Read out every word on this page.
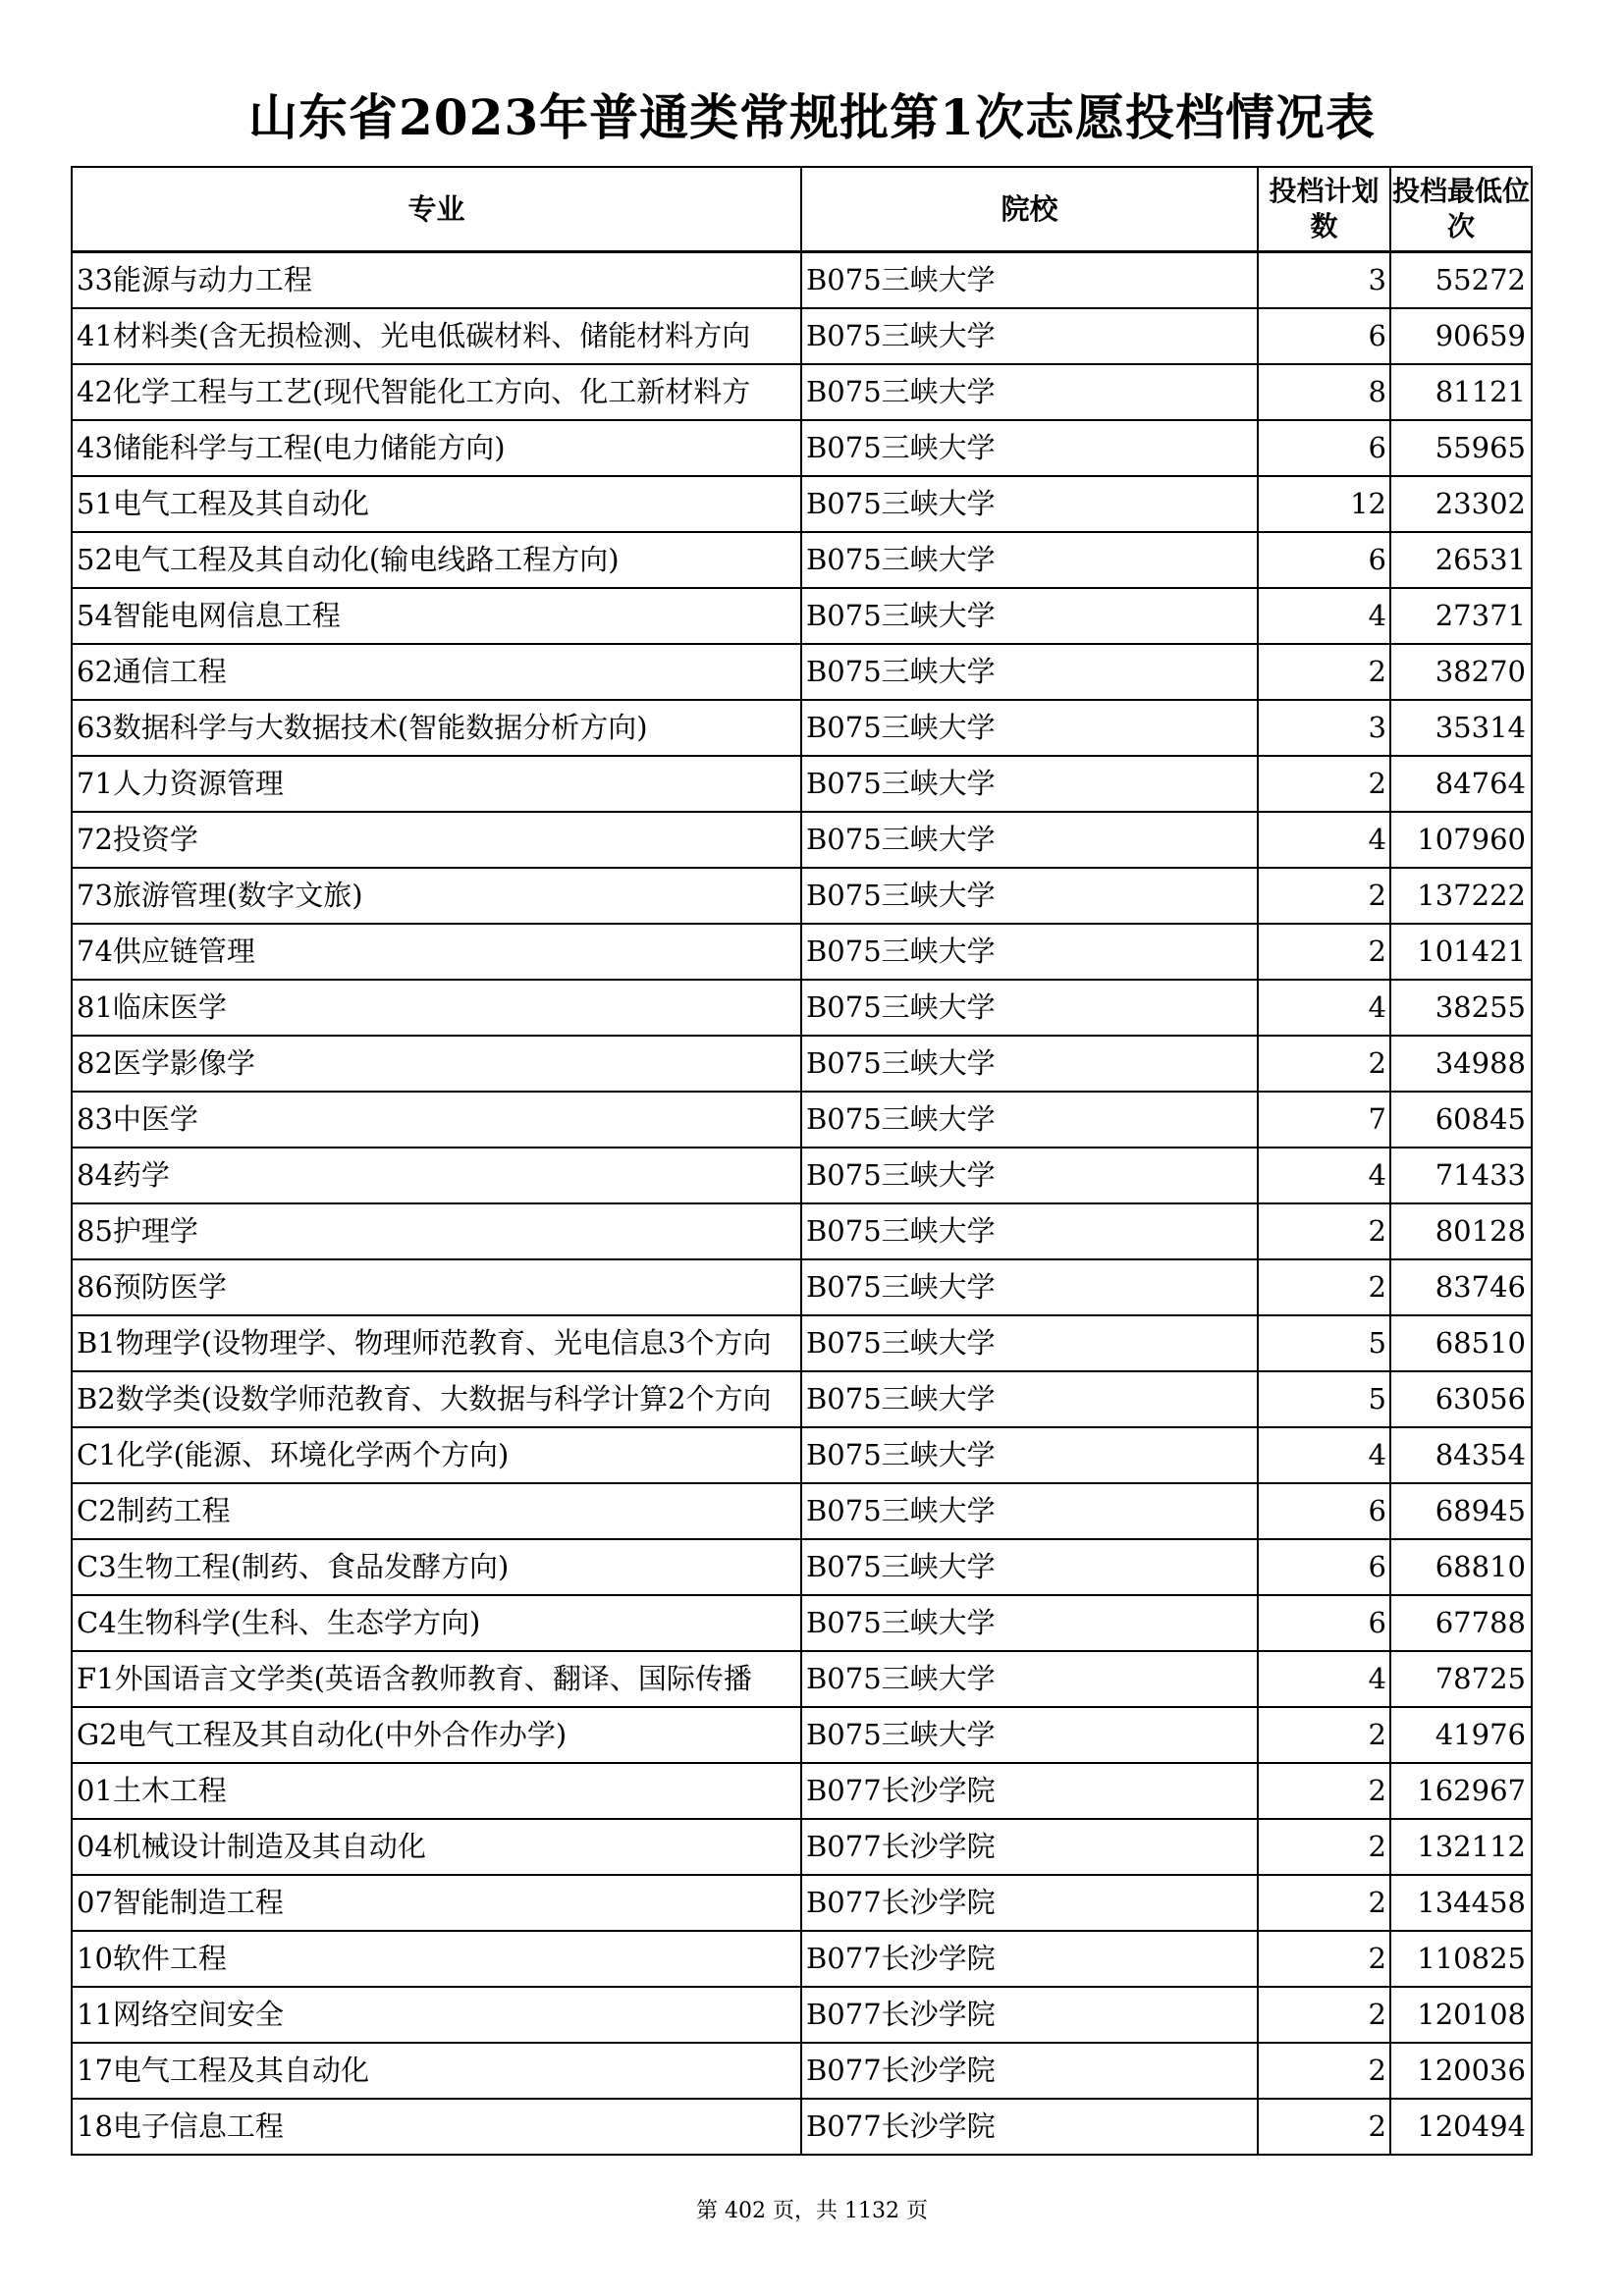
山东省2023年普通类常规批第1次志愿投档情况表
专业	院校	投档计划数	投档最低位次
33能源与动力工程	B075三峡大学	3	55272
41材料类(含无损检测、光电低碳材料、储能材料方向	B075三峡大学	6	90659
42化学工程与工艺(现代智能化工方向、化工新材料方	B075三峡大学	8	81121
43储能科学与工程(电力储能方向)	B075三峡大学	6	55965
51电气工程及其自动化	B075三峡大学	12	23302
52电气工程及其自动化(输电线路工程方向)	B075三峡大学	6	26531
54智能电网信息工程	B075三峡大学	4	27371
62通信工程	B075三峡大学	2	38270
63数据科学与大数据技术(智能数据分析方向)	B075三峡大学	3	35314
71人力资源管理	B075三峡大学	2	84764
72投资学	B075三峡大学	4	107960
73旅游管理(数字文旅)	B075三峡大学	2	137222
74供应链管理	B075三峡大学	2	101421
81临床医学	B075三峡大学	4	38255
82医学影像学	B075三峡大学	2	34988
83中医学	B075三峡大学	7	60845
84药学	B075三峡大学	4	71433
85护理学	B075三峡大学	2	80128
86预防医学	B075三峡大学	2	83746
B1物理学(设物理学、物理师范教育、光电信息3个方向	B075三峡大学	5	68510
B2数学类(设数学师范教育、大数据与科学计算2个方向	B075三峡大学	5	63056
C1化学(能源、环境化学两个方向)	B075三峡大学	4	84354
C2制药工程	B075三峡大学	6	68945
C3生物工程(制药、食品发酵方向)	B075三峡大学	6	68810
C4生物科学(生科、生态学方向)	B075三峡大学	6	67788
F1外国语言文学类(英语含教师教育、翻译、国际传播	B075三峡大学	4	78725
G2电气工程及其自动化(中外合作办学)	B075三峡大学	2	41976
01土木工程	B077长沙学院	2	162967
04机械设计制造及其自动化	B077长沙学院	2	132112
07智能制造工程	B077长沙学院	2	134458
10软件工程	B077长沙学院	2	110825
11网络空间安全	B077长沙学院	2	120108
17电气工程及其自动化	B077长沙学院	2	120036
18电子信息工程	B077长沙学院	2	120494
第 402 页，共 1132 页
